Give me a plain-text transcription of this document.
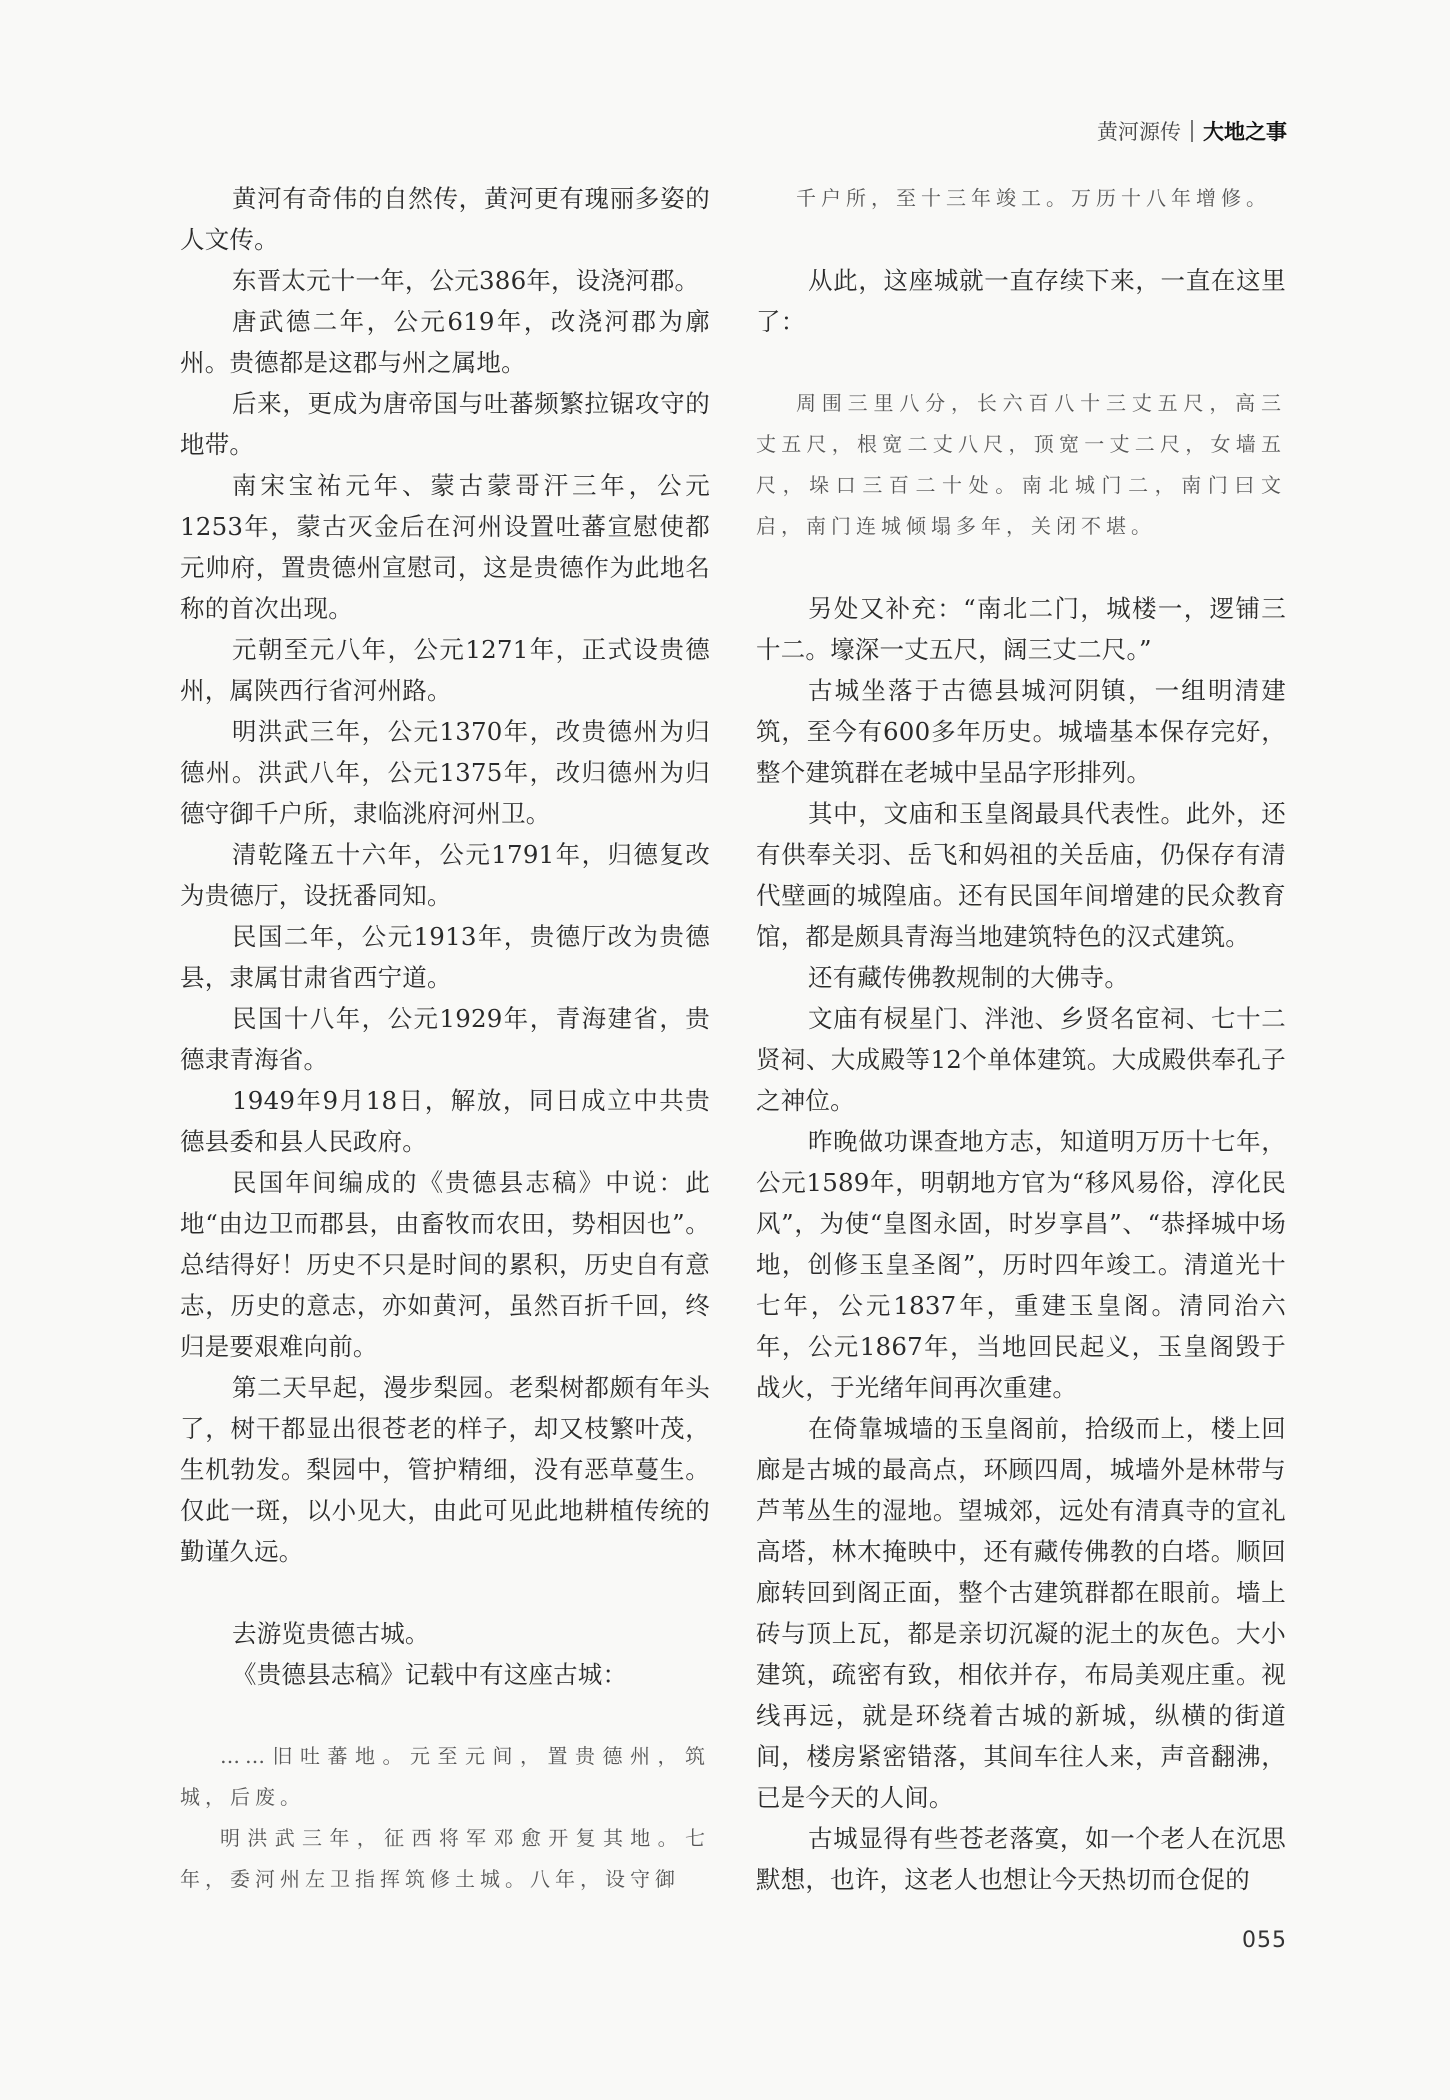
黄河源传 大地之事

黄河有奇伟的自然传，黄河更有瑰丽多姿的人文传。

东晋太元十一年，公元386年，设浇河郡。

唐武德二年，公元619年，改浇河郡为廓州。贵德都是这郡与州之属地。

后来，更成为唐帝国与吐蕃频繁拉锯攻守的地带。

南宋宝祐元年、蒙古蒙哥汗三年，公元1253年，蒙古灭金后在河州设置吐蕃宣慰使都元帅府，置贵德州宣慰司，这是贵德作为此地名称的首次出现。

元朝至元八年，公元1271年，正式设贵德州，属陕西行省河州路。

明洪武三年，公元1370年，改贵德州为归德州。洪武八年，公元1375年，改归德州为归德守御千户所，隶临洮府河州卫。

清乾隆五十六年，公元1791年，归德复改为贵德厅，设抚番同知。

民国二年，公元1913年，贵德厅改为贵德县，隶属甘肃省西宁道。

民国十八年，公元1929年，青海建省，贵德隶青海省。

1949年9月18日，解放，同日成立中共贵德县委和县人民政府。

民国年间编成的《贵德县志稿》中说：此地“由边卫而郡县，由畜牧而农田，势相因也”。总结得好！历史不只是时间的累积，历史自有意志，历史的意志，亦如黄河，虽然百折千回，终归是要艰难向前。

第二天早起，漫步梨园。老梨树都颇有年头了，树干都显出很苍老的样子，却又枝繁叶茂，生机勃发。梨园中，管护精细，没有恶草蔓生。仅此一斑，以小见大，由此可见此地耕植传统的勤谨久远。

去游览贵德古城。

《贵德县志稿》记载中有这座古城：

……旧吐蕃地。元至元间，置贵德州，筑城，后废。

明洪武三年，征西将军邓愈开复其地。七年，委河州左卫指挥筑修土城。八年，设守御

千户所，至十三年竣工。万历十八年增修。

从此，这座城就一直存续下来，一直在这里了：

周围三里八分，长六百八十三丈五尺，高三丈五尺，根宽二丈八尺，顶宽一丈二尺，女墙五尺，垛口三百二十处。南北城门二，南门曰文启，南门连城倾塌多年，关闭不堪。

另处又补充：“南北二门，城楼一，逻铺三十二。壕深一丈五尺，阔三丈二尺。”

古城坐落于古德县城河阴镇，一组明清建筑，至今有600多年历史。城墙基本保存完好，整个建筑群在老城中呈品字形排列。

其中，文庙和玉皇阁最具代表性。此外，还有供奉关羽、岳飞和妈祖的关岳庙，仍保存有清代壁画的城隍庙。还有民国年间增建的民众教育馆，都是颇具青海当地建筑特色的汉式建筑。

还有藏传佛教规制的大佛寺。

文庙有棂星门、泮池、乡贤名宦祠、七十二贤祠、大成殿等12个单体建筑。大成殿供奉孔子之神位。

昨晚做功课查地方志，知道明万历十七年，公元1589年，明朝地方官为“移风易俗，淳化民风”，为使“皇图永固，时岁享昌”、“恭择城中场地，创修玉皇圣阁”，历时四年竣工。清道光十七年，公元1837年，重建玉皇阁。清同治六年，公元1867年，当地回民起义，玉皇阁毁于战火，于光绪年间再次重建。

在倚靠城墙的玉皇阁前，拾级而上，楼上回廊是古城的最高点，环顾四周，城墙外是林带与芦苇丛生的湿地。望城郊，远处有清真寺的宣礼高塔，林木掩映中，还有藏传佛教的白塔。顺回廊转回到阁正面，整个古建筑群都在眼前。墙上砖与顶上瓦，都是亲切沉凝的泥土的灰色。大小建筑，疏密有致，相依并存，布局美观庄重。视线再远，就是环绕着古城的新城，纵横的街道间，楼房紧密错落，其间车往人来，声音翻沸，已是今天的人间。

古城显得有些苍老落寞，如一个老人在沉思默想，也许，这老人也想让今天热切而仓促的

055
